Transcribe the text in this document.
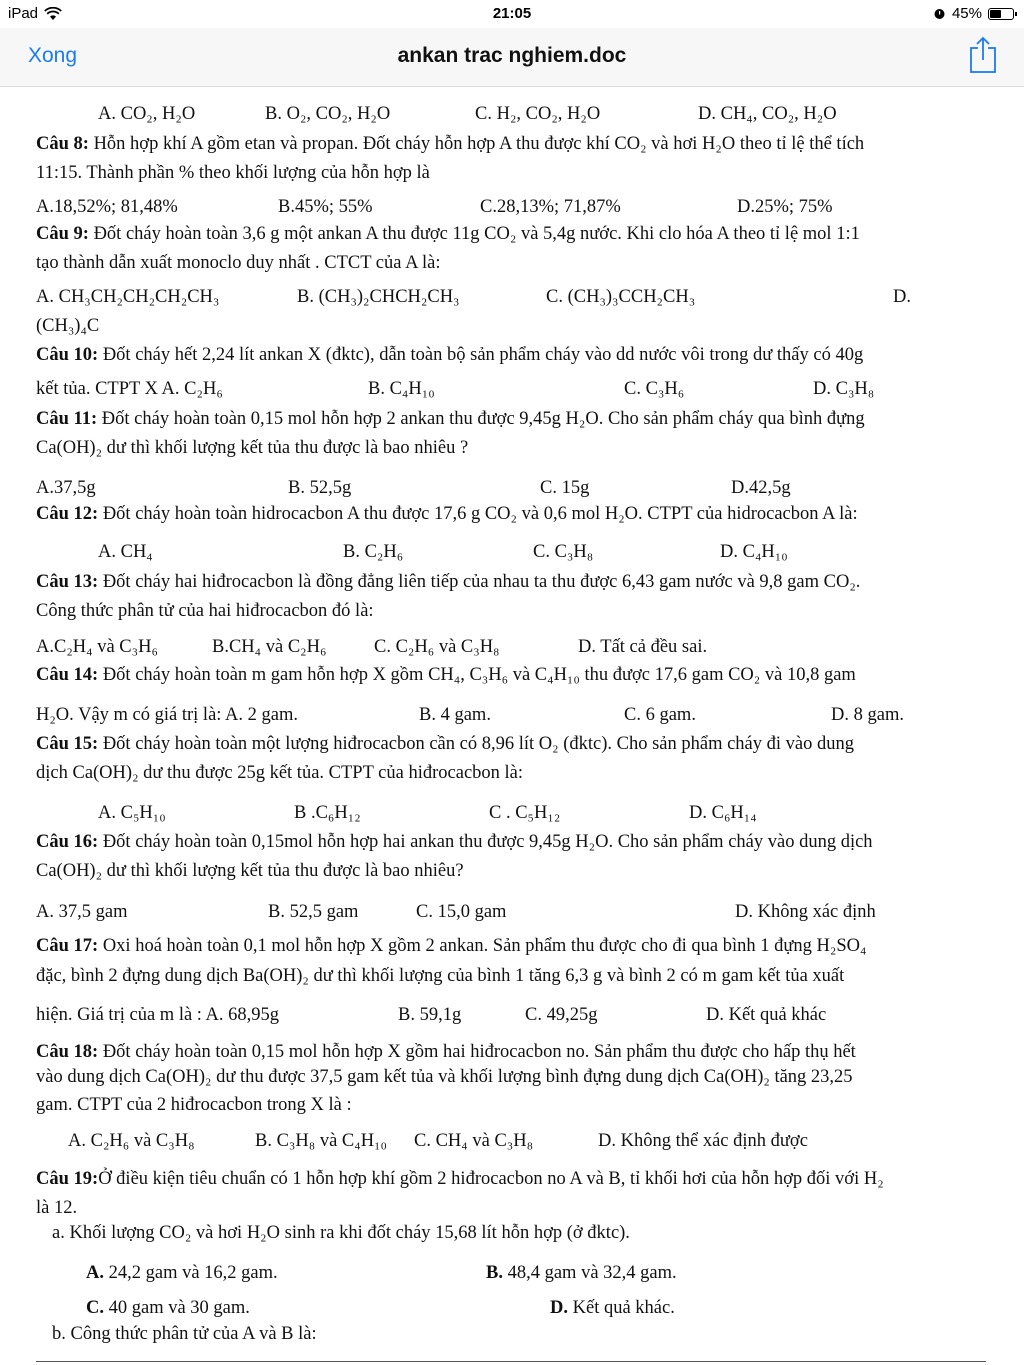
iPad	21:05	45%
Xong	ankan trac nghiem.doc
A. CO₂, H₂O	B. O₂, CO₂, H₂O	C. H₂, CO₂, H₂O	D. CH₄, CO₂, H₂O
Câu 8: Hỗn hợp khí A gồm etan và propan. Đốt cháy hỗn hợp A thu được khí CO₂ và hơi H₂O theo tỉ lệ thể tích
11:15. Thành phần % theo khối lượng của hỗn hợp là
A.18,52%; 81,48%	B.45%; 55%	C.28,13%; 71,87%	D.25%; 75%
Câu 9: Đốt cháy hoàn toàn 3,6 g một ankan A thu được 11g CO₂ và 5,4g nước. Khi clo hóa A theo tỉ lệ mol 1:1
tạo thành dẫn xuất monoclo duy nhất . CTCT của A là:
A. CH₃CH₂CH₂CH₂CH₃	B. (CH₃)₂CHCH₂CH₃	C. (CH₃)₃CCH₂CH₃	D.
(CH₃)₄C
Câu 10: Đốt cháy hết 2,24 lít ankan X (đktc), dẫn toàn bộ sản phẩm cháy vào dd nước vôi trong dư thấy có 40g
kết tủa. CTPT X A. C₂H₆	B. C₄H₁₀	C. C₃H₆	D. C₃H₈
Câu 11: Đốt cháy hoàn toàn 0,15 mol hỗn hợp 2 ankan thu được 9,45g H₂O. Cho sản phẩm cháy qua bình đựng
Ca(OH)₂ dư thì khối lượng kết tủa thu được là bao nhiêu ?
A.37,5g	B. 52,5g	C. 15g	D.42,5g
Câu 12: Đốt cháy hoàn toàn hidrocacbon A thu được 17,6 g CO₂ và 0,6 mol H₂O. CTPT của hidrocacbon A là:
A. CH₄	B. C₂H₆	C. C₃H₈	D. C₄H₁₀
Câu 13: Đốt cháy hai hiđrocacbon là đồng đẳng liên tiếp của nhau ta thu được 6,43 gam nước và 9,8 gam CO₂.
Công thức phân tử của hai hiđrocacbon đó là:
A.C₂H₄ và C₃H₆	B.CH₄ và C₂H₆	C. C₂H₆ và C₃H₈	D. Tất cả đều sai.
Câu 14: Đốt cháy hoàn toàn m gam hỗn hợp X gồm CH₄, C₃H₆ và C₄H₁₀ thu được 17,6 gam CO₂ và 10,8 gam
H₂O. Vậy m có giá trị là: A. 2 gam.	B. 4 gam.	C. 6 gam.	D. 8 gam.
Câu 15: Đốt cháy hoàn toàn một lượng hiđrocacbon cần có 8,96 lít O₂ (đktc). Cho sản phẩm cháy đi vào dung
dịch Ca(OH)₂ dư thu được 25g kết tủa. CTPT của hiđrocacbon là:
A. C₅H₁₀	B .C₆H₁₂	C . C₅H₁₂	D. C₆H₁₄
Câu 16: Đốt cháy hoàn toàn 0,15mol hỗn hợp hai ankan thu được 9,45g H₂O. Cho sản phẩm cháy vào dung dịch
Ca(OH)₂ dư thì khối lượng kết tủa thu được là bao nhiêu?
A. 37,5 gam	B. 52,5 gam	C. 15,0 gam	D. Không xác định
Câu 17: Oxi hoá hoàn toàn 0,1 mol hỗn hợp X gồm 2 ankan. Sản phẩm thu được cho đi qua bình 1 đựng H₂SO₄
đặc, bình 2 đựng dung dịch Ba(OH)₂ dư thì khối lượng của bình 1 tăng 6,3 g và bình 2 có m gam kết tủa xuất
hiện. Giá trị của m là : A. 68,95g	B. 59,1g	C. 49,25g	D. Kết quả khác
Câu 18: Đốt cháy hoàn toàn 0,15 mol hỗn hợp X gồm hai hiđrocacbon no. Sản phẩm thu được cho hấp thụ hết
vào dung dịch Ca(OH)₂ dư thu được 37,5 gam kết tủa và khối lượng bình đựng dung dịch Ca(OH)₂ tăng 23,25
gam. CTPT của 2 hiđrocacbon trong X là :
A. C₂H₆ và C₃H₈	B. C₃H₈ và C₄H₁₀ C. CH₄ và C₃H₈	D. Không thể xác định được
Câu 19:Ở điều kiện tiêu chuẩn có 1 hỗn hợp khí gồm 2 hiđrocacbon no A và B, tỉ khối hơi của hỗn hợp đối với H₂
là 12.
a. Khối lượng CO₂ và hơi H₂O sinh ra khi đốt cháy 15,68 lít hỗn hợp (ở đktc).
A. 24,2 gam và 16,2 gam.	B. 48,4 gam và 32,4 gam.
C. 40 gam và 30 gam.	D. Kết quả khác.
b. Công thức phân tử của A và B là:
